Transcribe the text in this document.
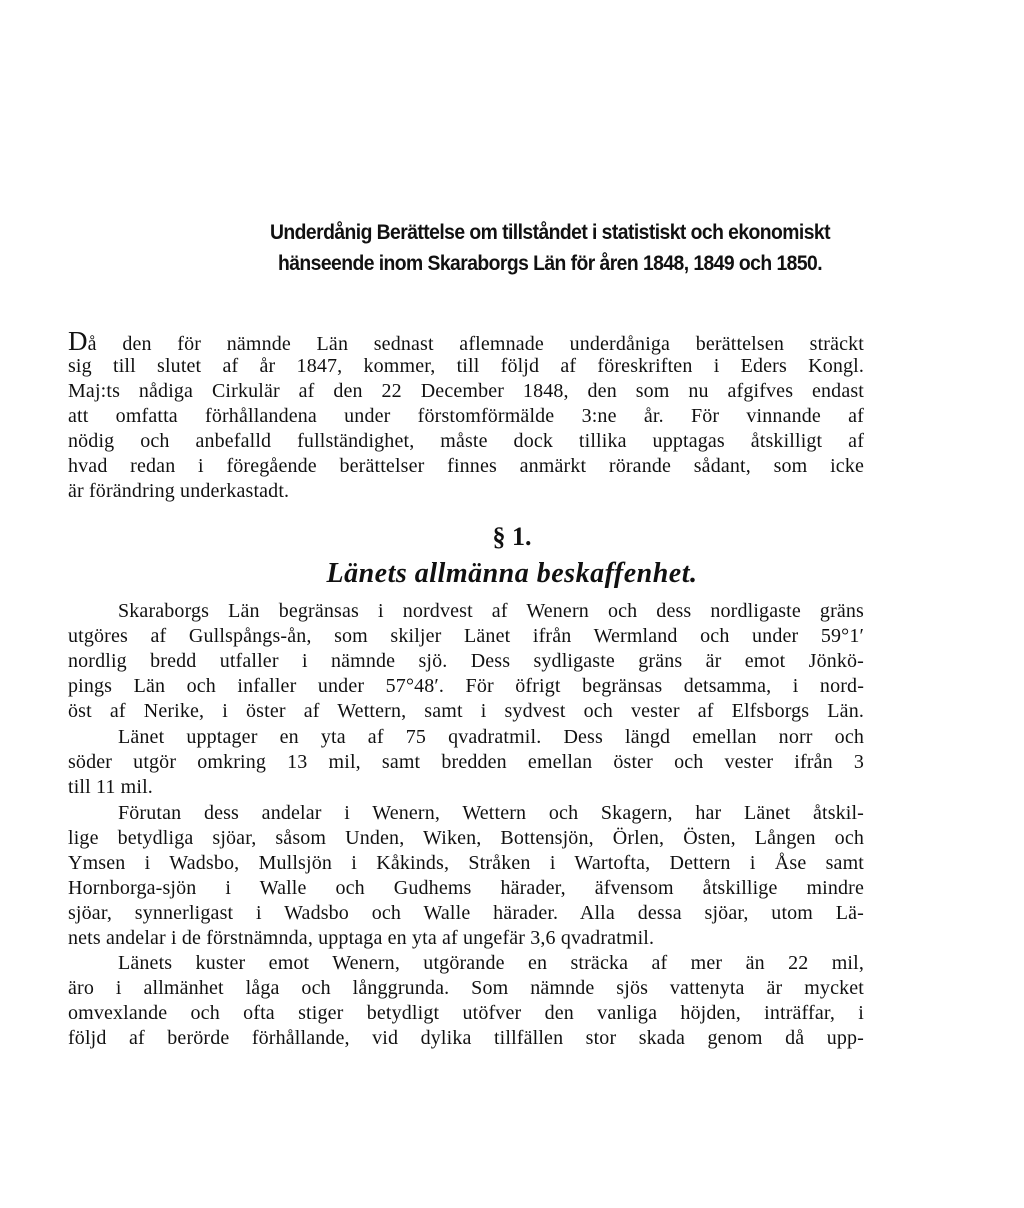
Underdånig Berättelse om tillståndet i statistiskt och ekonomiskt
hänseende inom Skaraborgs Län för åren 1848, 1849 och 1850.
Då den för nämnde Län sednast aflemnade underdåniga berättelsen sträckt
sig till slutet af år 1847, kommer, till följd af föreskriften i Eders Kongl.
Maj:ts nådiga Cirkulär af den 22 December 1848, den som nu afgifves endast
att omfatta förhållandena under förstomförmälde 3:ne år. För vinnande af
nödig och anbefalld fullständighet, måste dock tillika upptagas åtskilligt af
hvad redan i föregående berättelser finnes anmärkt rörande sådant, som icke
är förändring underkastadt.
§ 1.
Länets allmänna beskaffenhet.
Skaraborgs Län begränsas i nordvest af Wenern och dess nordligaste gräns
utgöres af Gullspångs-ån, som skiljer Länet ifrån Wermland och under 59°1′
nordlig bredd utfaller i nämnde sjö. Dess sydligaste gräns är emot Jönkö-
pings Län och infaller under 57°48′. För öfrigt begränsas detsamma, i nord-
öst af Nerike, i öster af Wettern, samt i sydvest och vester af Elfsborgs Län.
Länet upptager en yta af 75 qvadratmil. Dess längd emellan norr och
söder utgör omkring 13 mil, samt bredden emellan öster och vester ifrån 3
till 11 mil.
Förutan dess andelar i Wenern, Wettern och Skagern, har Länet åtskil-
lige betydliga sjöar, såsom Unden, Wiken, Bottensjön, Örlen, Östen, Lången och
Ymsen i Wadsbo, Mullsjön i Kåkinds, Stråken i Wartofta, Dettern i Åse samt
Hornborga-sjön i Walle och Gudhems härader, äfvensom åtskillige mindre
sjöar, synnerligast i Wadsbo och Walle härader. Alla dessa sjöar, utom Lä-
nets andelar i de förstnämnda, upptaga en yta af ungefär 3,6 qvadratmil.
Länets kuster emot Wenern, utgörande en sträcka af mer än 22 mil,
äro i allmänhet låga och långgrunda. Som nämnde sjös vattenyta är mycket
omvexlande och ofta stiger betydligt utöfver den vanliga höjden, inträffar, i
följd af berörde förhållande, vid dylika tillfällen stor skada genom då upp-
